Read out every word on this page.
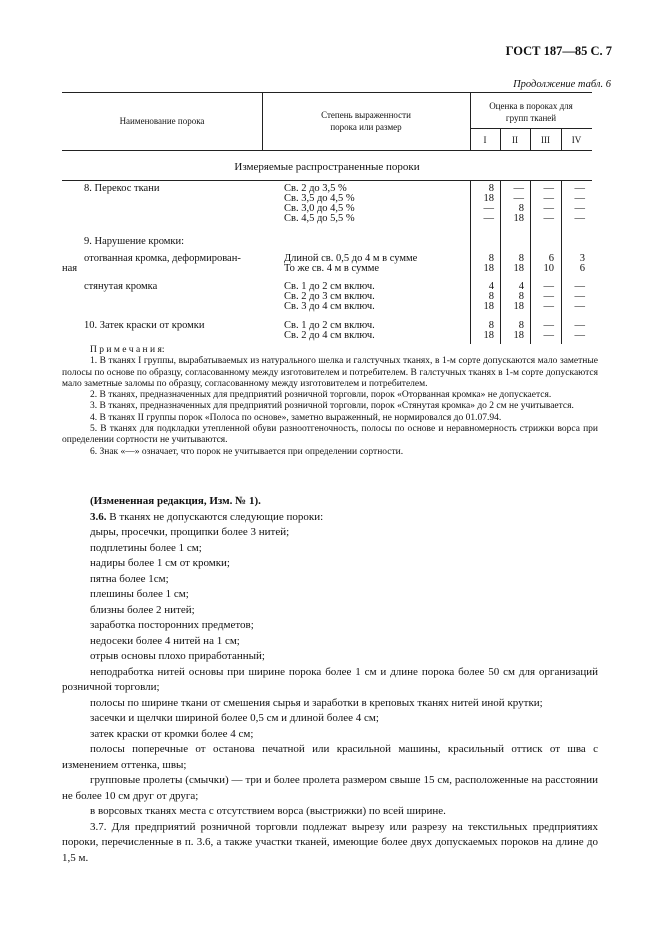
ГОСТ 187—85 С. 7
Продолжение табл. 6
Наименование порока
Степень выраженности
порока или размер
Оценка в пороках для
групп тканей
I	II	III	IV
Измеряемые распространенные пороки
8. Перекос ткани	Св. 2 до 3,5 %	8	—	—	—
Св. 3,5 до 4,5 %	18	—	—	—
Св. 3,0 до 4,5 %	—	8	—	—
Св. 4,5 до 5,5 %	—	18	—	—
9. Нарушение кромки:
отorванная кромка, деформирован-	Длиной св. 0,5 до 4 м в сумме	8	8	6	3
ная	То же св. 4 м в сумме	18	18	10	6
стянутая кромка	Св. 1 до 2 см включ.	4	4	—	—
Св. 2 до 3 см включ.	8	8	—	—
Св. 3 до 4 см включ.	18	18	—	—
10. Затек краски от кромки	Св. 1 до 2 см включ.	8	8	—	—
Св. 2 до 4 см включ.	18	18	—	—

П р и м е ч а н и я:

1. В тканях I группы, вырабатываемых из натурального шелка и галстучных тканях, в 1-м сорте допускаются мало заметные полосы по основе по образцу, согласованному между изготовителем и потребителем. В галстучных тканях в 1-м сорте допускаются мало заметные заломы по образцу, согласованному между изготовителем и потребителем.

2. В тканях, предназначенных для предприятий розничной торговли, порок «Оторванная кромка» не допускается.

3. В тканях, предназначенных для предприятий розничной торговли, порок «Стянутая кромка» до 2 см не учитывается.

4. В тканях II группы порок «Полоса по основе», заметно выраженный, не нормировался до 01.07.94.

5. В тканях для подкладки утепленной обуви разноотгеночность, полосы по основе и неравномерность стрижки ворса при определении сортности не учитываются.

6. Знак «—» означает, что порок не учитывается при определении сортности.

(Измененная редакция, Изм. № 1).

3.6. В тканях не допускаются следующие пороки:

дыры, просечки, прощипки более 3 нитей;

подплетины более 1 см;

надиры более 1 см от кромки;

пятна более 1см;

плешины более 1 см;

близны более 2 нитей;

заработка посторонних предметов;

недосеки более 4 нитей на 1 см;

отрыв основы плохо приработанный;

неподработка нитей основы при ширине порока более 1 см и длине порока более 50 см для организаций розничной торговли;

полосы по ширине ткани от смешения сырья и заработки в крепoвых тканях нитей иной крутки;

засечки и щелчки шириной более 0,5 см и длиной более 4 см;

затек краски от кромки более 4 см;

полосы поперечные от останова печатной или красильной машины, красильный оттиск от шва с изменением оттенка, швы;

групповые пролеты (смычки) — три и более пролета размером свыше 15 см, расположенные на расстоянии не более 10 см друг от друга;

в ворсовых тканях места с отсутствием ворса (выстрижки) по всей ширине.

3.7. Для предприятий розничной торговли подлежат вырезу или разрезу на текстильных предприятиях пороки, перечисленные в п. 3.6, а также участки тканей, имеющие более двух допускаемых пороков на длине до 1,5 м.
